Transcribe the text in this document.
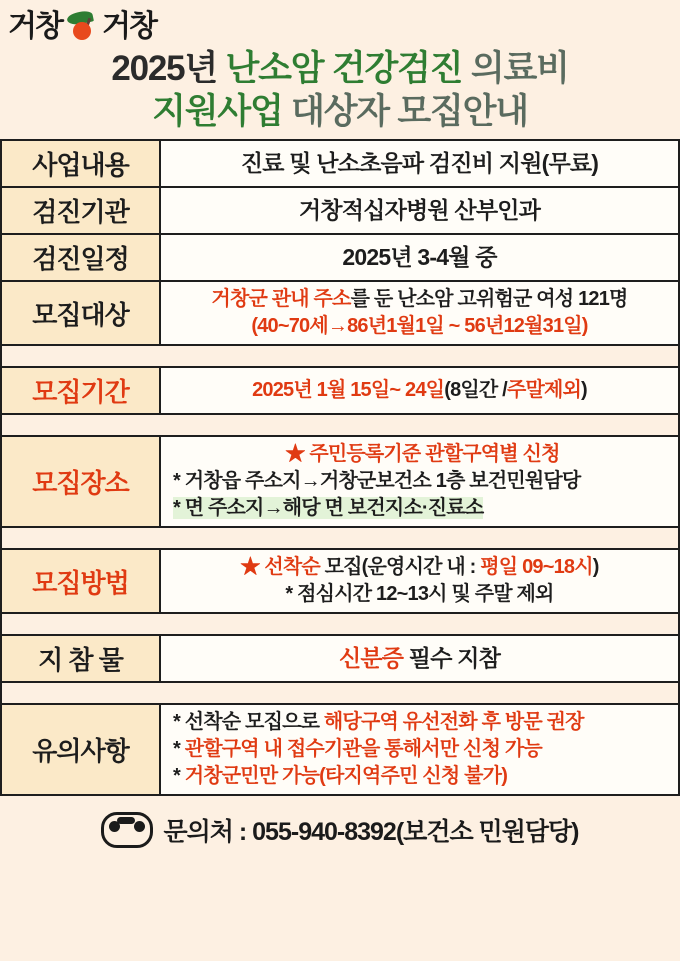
거창 거창
2025년 난소암 건강검진 의료비
지원사업 대상자 모집안내
사업내용	진료 및 난소초음파 검진비 지원(무료)
검진기관	거창적십자병원 산부인과
검진일정	2025년 3-4월 중
모집대상	거창군 관내 주소를 둔 난소암 고위험군 여성 121명
(40~70세→86년1월1일 ~ 56년12월31일)

모집기간	2025년 1월 15일~ 24일(8일간 /주말제외)

모집장소	★ 주민등록기준 관할구역별 신청
* 거창읍 주소지→거창군보건소 1층 보건민원담당
* 면 주소지→해당 면 보건지소·진료소

모집방법	★ 선착순 모집(운영시간 내 : 평일 09~18시)
* 점심시간 12~13시 및 주말 제외

지 참 물	신분증 필수 지참

유의사항	* 선착순 모집으로 해당구역 유선전화 후 방문 권장
* 관할구역 내 접수기관을 통해서만 신청 가능
* 거창군민만 가능(타지역주민 신청 불가)
문의처 : 055-940-8392(보건소 민원담당)
